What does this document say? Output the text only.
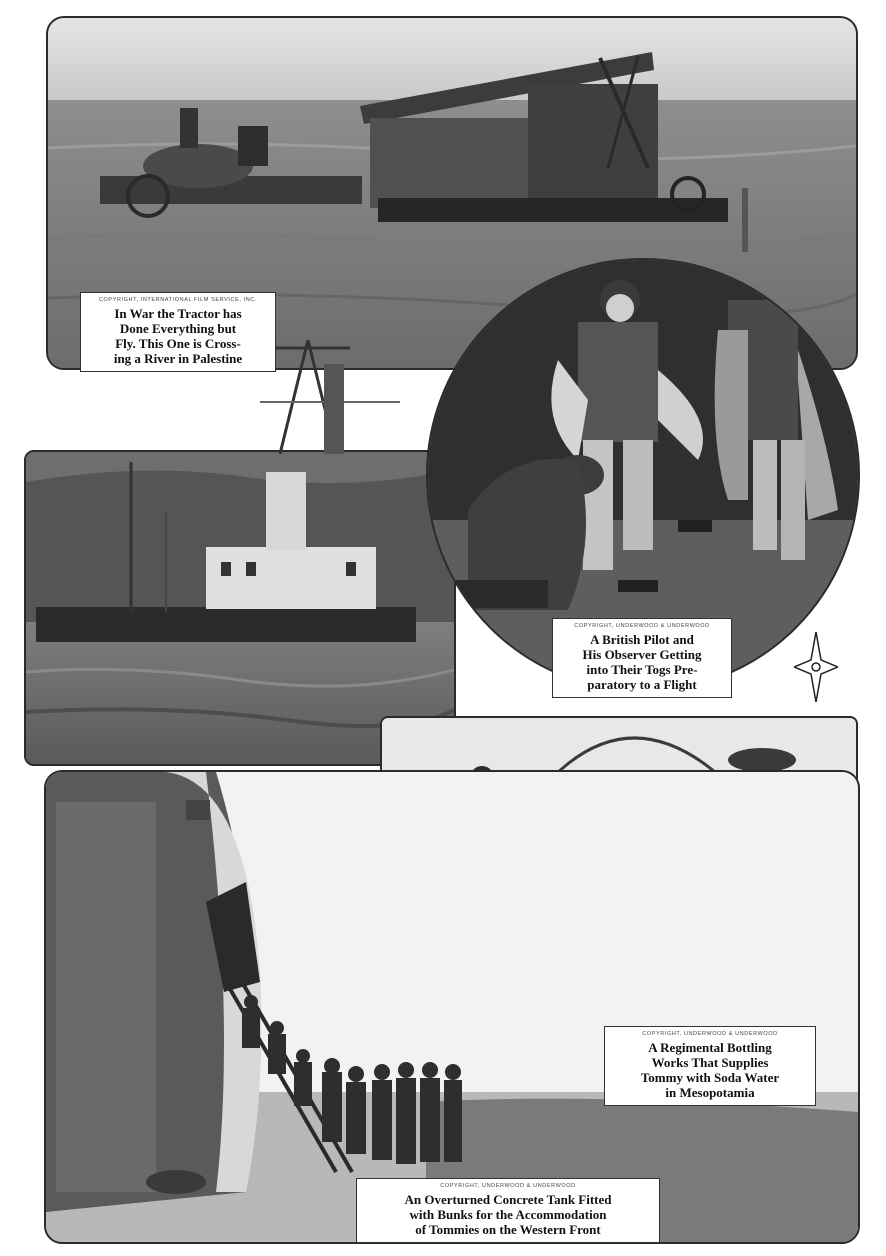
COPYRIGHT, INTERNATIONAL FILM SERVICE, INC.
In War the Tractor has
Done Everything but
Fly. This One is Cross-
ing a River in Palestine
COPYRIGHT, UNDERWOOD & UNDERWOOD
A British Pilot and
His Observer Getting
into Their Togs Pre-
paratory to a Flight
COPYRIGHT, UNDERWOOD & UNDERWOOD
A Regimental Bottling
Works That Supplies
Tommy with Soda Water
in Mesopotamia
COPYRIGHT, UNDERWOOD & UNDERWOOD
An Overturned Concrete Tank Fitted
with Bunks for the Accommodation
of Tommies on the Western Front
